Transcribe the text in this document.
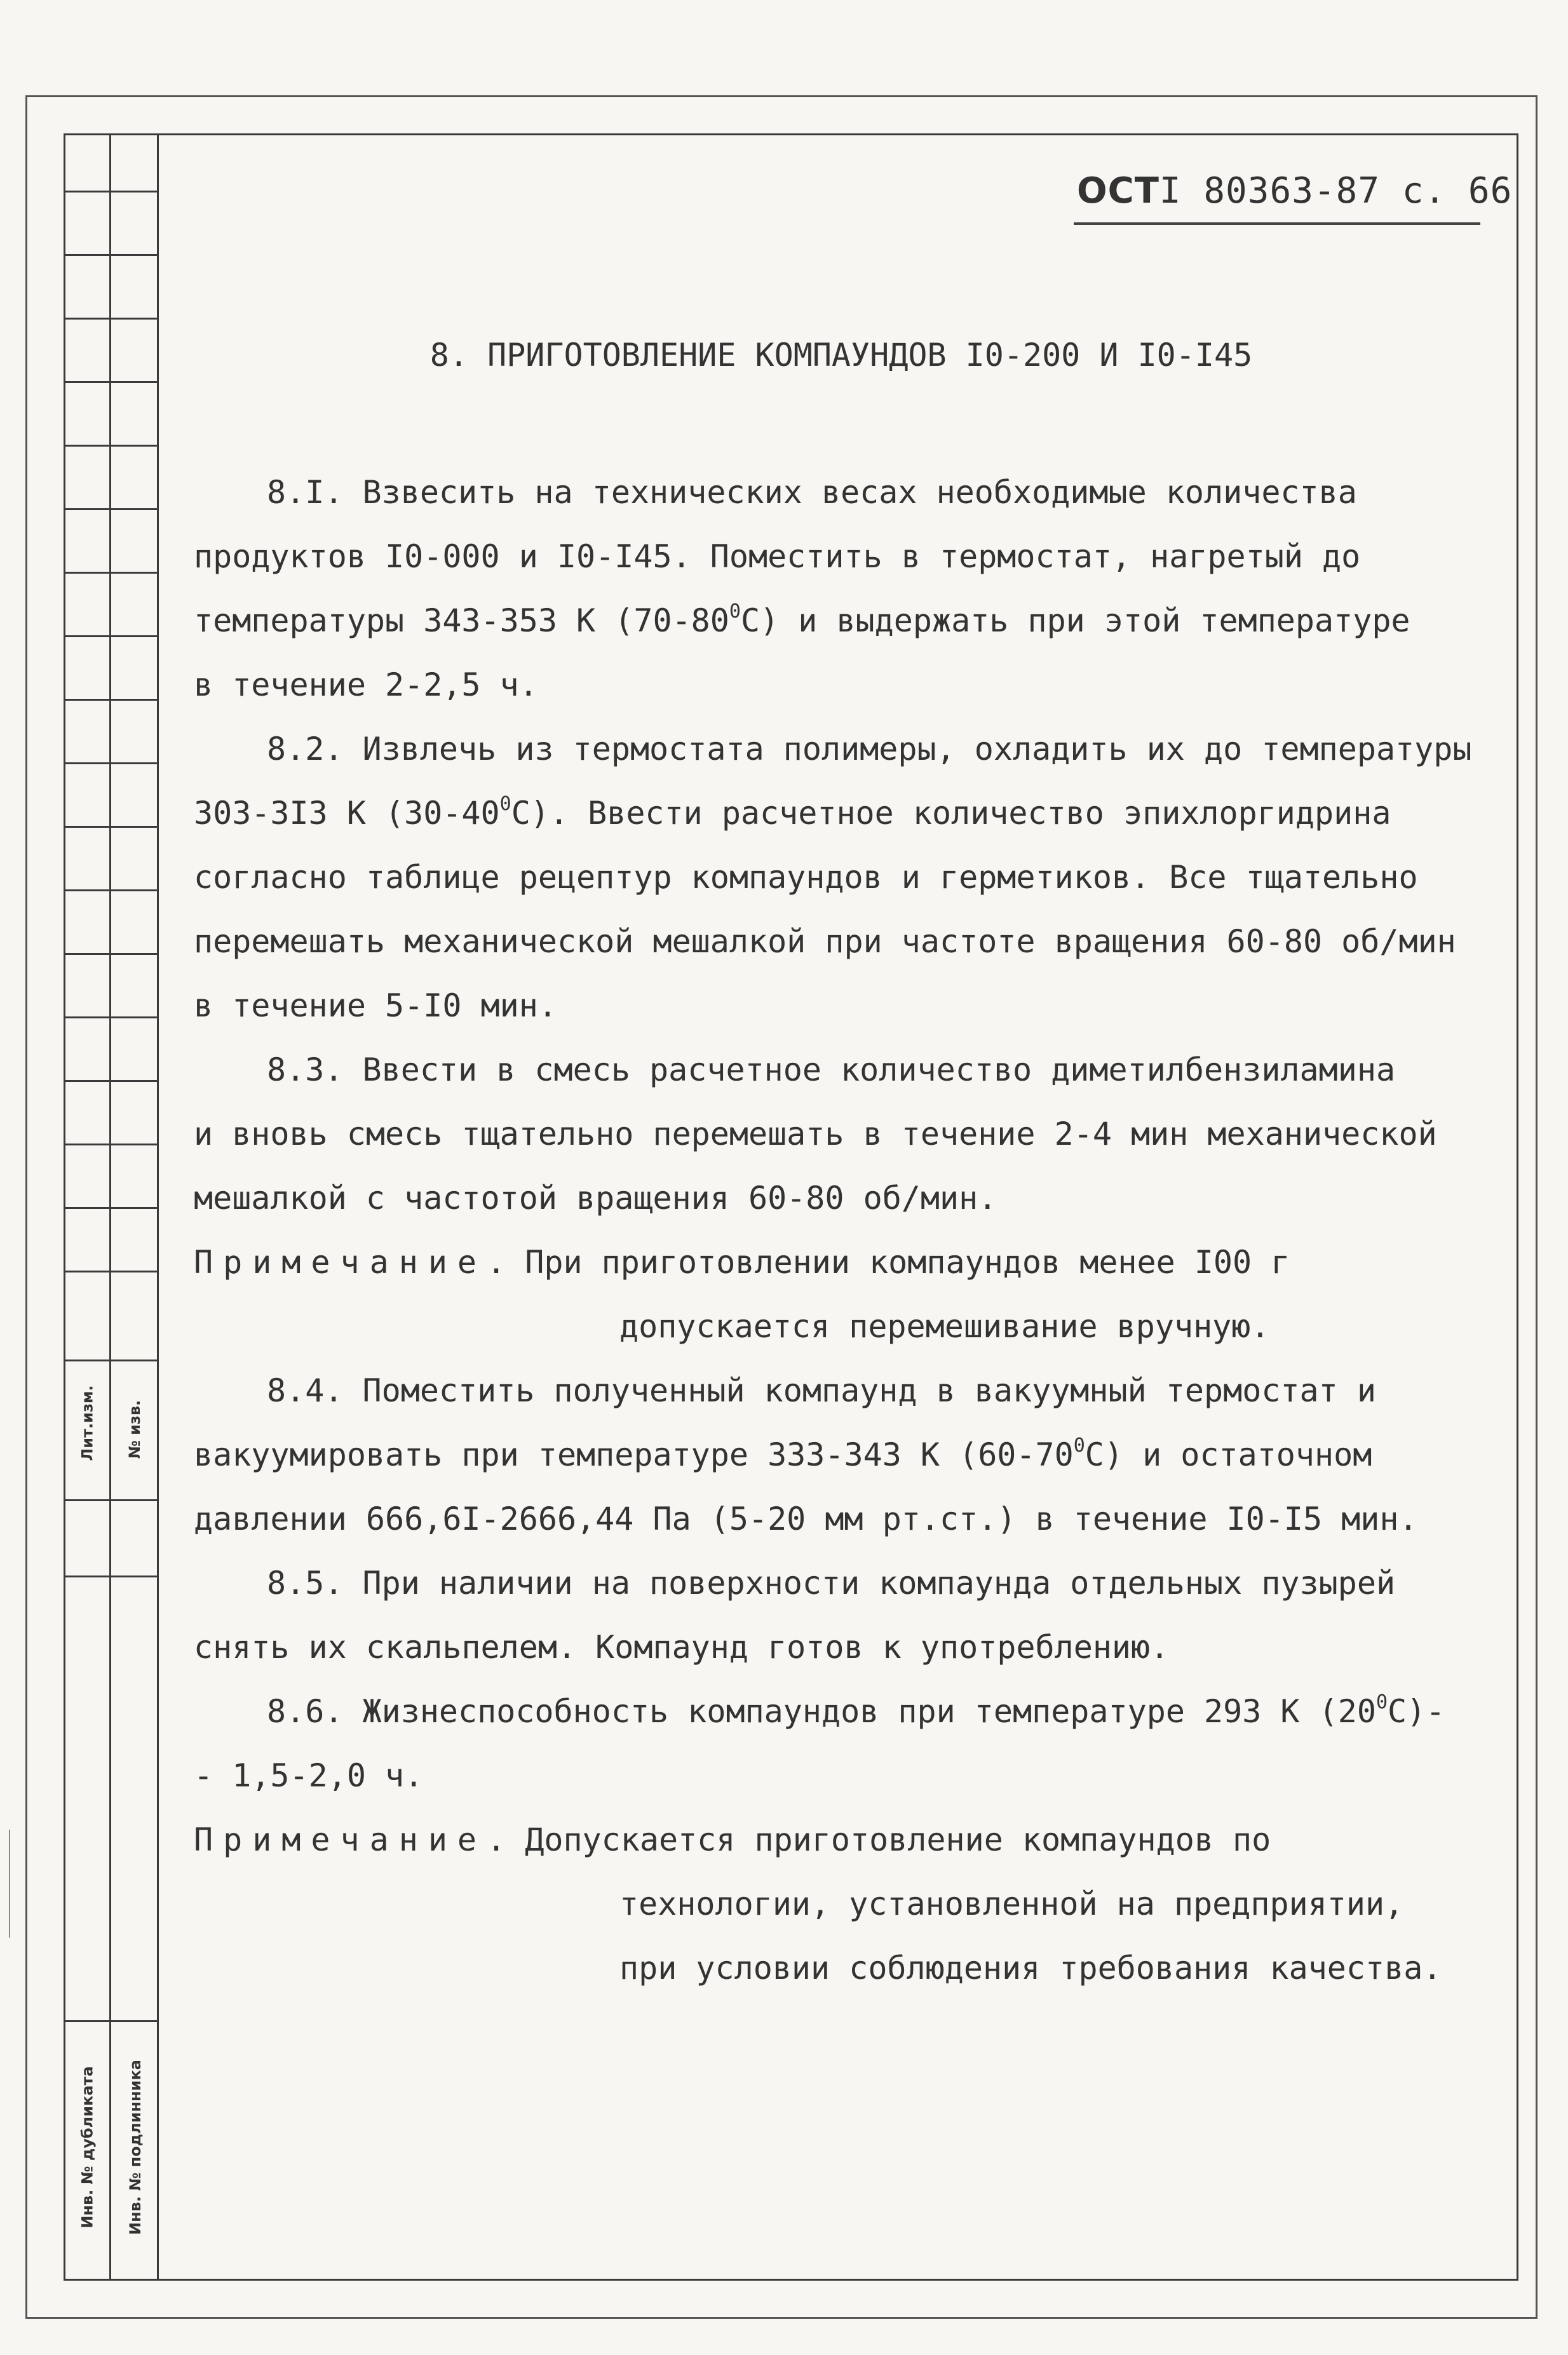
Лит.изм. № изв.
Инв. № дубликата Инв. № подлинника
ОСТI 80363-87 с. 66
8. ПРИГОТОВЛЕНИЕ КОМПАУНДОВ I0-200 И I0-I45

8.I. Взвесить на технических весах необходимые количества

продуктов I0-000 и I0-I45. Поместить в термостат, нагретый до

температуры 343-353 К $(70-80^0С)$ и выдержать при этой температуре

в течение 2-2,5 ч.

8.2. Извлечь из термостата полимеры, охладить их до температуры

303-3I3 К $(30-40^0С)$. Ввести расчетное количество эпихлоргидрина

согласно таблице рецептур компаундов и герметиков. Все тщательно

перемешать механической мешалкой при частоте вращения 60-80 об/мин

в течение 5-I0 мин.

8.3. Ввести в смесь расчетное количество диметилбензиламина

и вновь смесь тщательно перемешать в течение 2-4 мин механической

мешалкой с частотой вращения 60-80 об/мин.

Примечание. При приготовлении компаундов менее I00 г

допускается перемешивание вручную.

8.4. Поместить полученный компаунд в вакуумный термостат и

вакуумировать при температуре 333-343 К $(60-70^0С)$ и остаточном

давлении 666,6I-2666,44 Па (5-20 мм рт.ст.) в течение I0-I5 мин.

8.5. При наличии на поверхности компаунда отдельных пузырей

снять их скальпелем. Компаунд готов к употреблению.

8.6. Жизнеспособность компаундов при температуре 293 К $(20^0С)-$

- 1,5-2,0 ч.

Примечание. Допускается приготовление компаундов по

технологии, установленной на предприятии,

при условии соблюдения требования качества.
